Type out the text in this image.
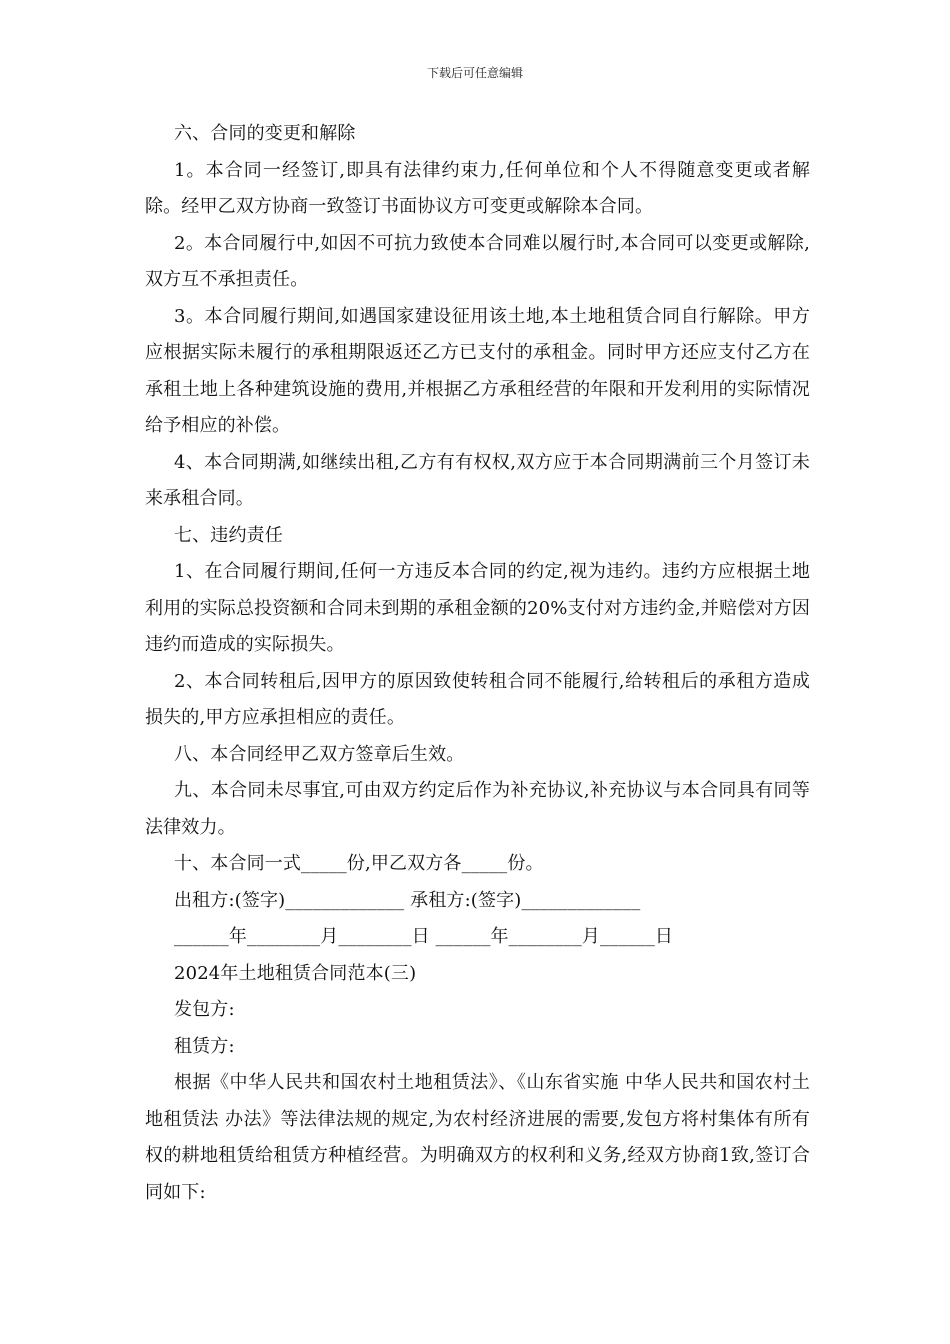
下载后可任意编辑

六、合同的变更和解除

1。本合同一经签订,即具有法律约束力,任何单位和个人不得随意变更或者解除。经甲乙双方协商一致签订书面协议方可变更或解除本合同。

2。本合同履行中,如因不可抗力致使本合同难以履行时,本合同可以变更或解除,双方互不承担责任。

3。本合同履行期间,如遇国家建设征用该土地,本土地租赁合同自行解除。甲方应根据实际未履行的承租期限返还乙方已支付的承租金。同时甲方还应支付乙方在承租土地上各种建筑设施的费用,并根据乙方承租经营的年限和开发利用的实际情况给予相应的补偿。

4、本合同期满,如继续出租,乙方有有权权,双方应于本合同期满前三个月签订未来承租合同。

七、违约责任

1、在合同履行期间,任何一方违反本合同的约定,视为违约。违约方应根据土地利用的实际总投资额和合同未到期的承租金额的20%支付对方违约金,并赔偿对方因违约而造成的实际损失。

2、本合同转租后,因甲方的原因致使转租合同不能履行,给转租后的承租方造成损失的,甲方应承担相应的责任。

八、本合同经甲乙双方签章后生效。

九、本合同未尽事宜,可由双方约定后作为补充协议,补充协议与本合同具有同等法律效力。

十、本合同一式_____份,甲乙双方各_____份。

出租方:(签字)_____________ 承租方:(签字)_____________

______年________月________日 ______年________月______日

2024年土地租赁合同范本(三)

发包方:

租赁方:

根据《中华人民共和国农村土地租赁法》、《山东省实施 中华人民共和国农村土地租赁法 办法》等法律法规的规定,为农村经济进展的需要,发包方将村集体有所有权的耕地租赁给租赁方种植经营。为明确双方的权利和义务,经双方协商1致,签订合同如下:
